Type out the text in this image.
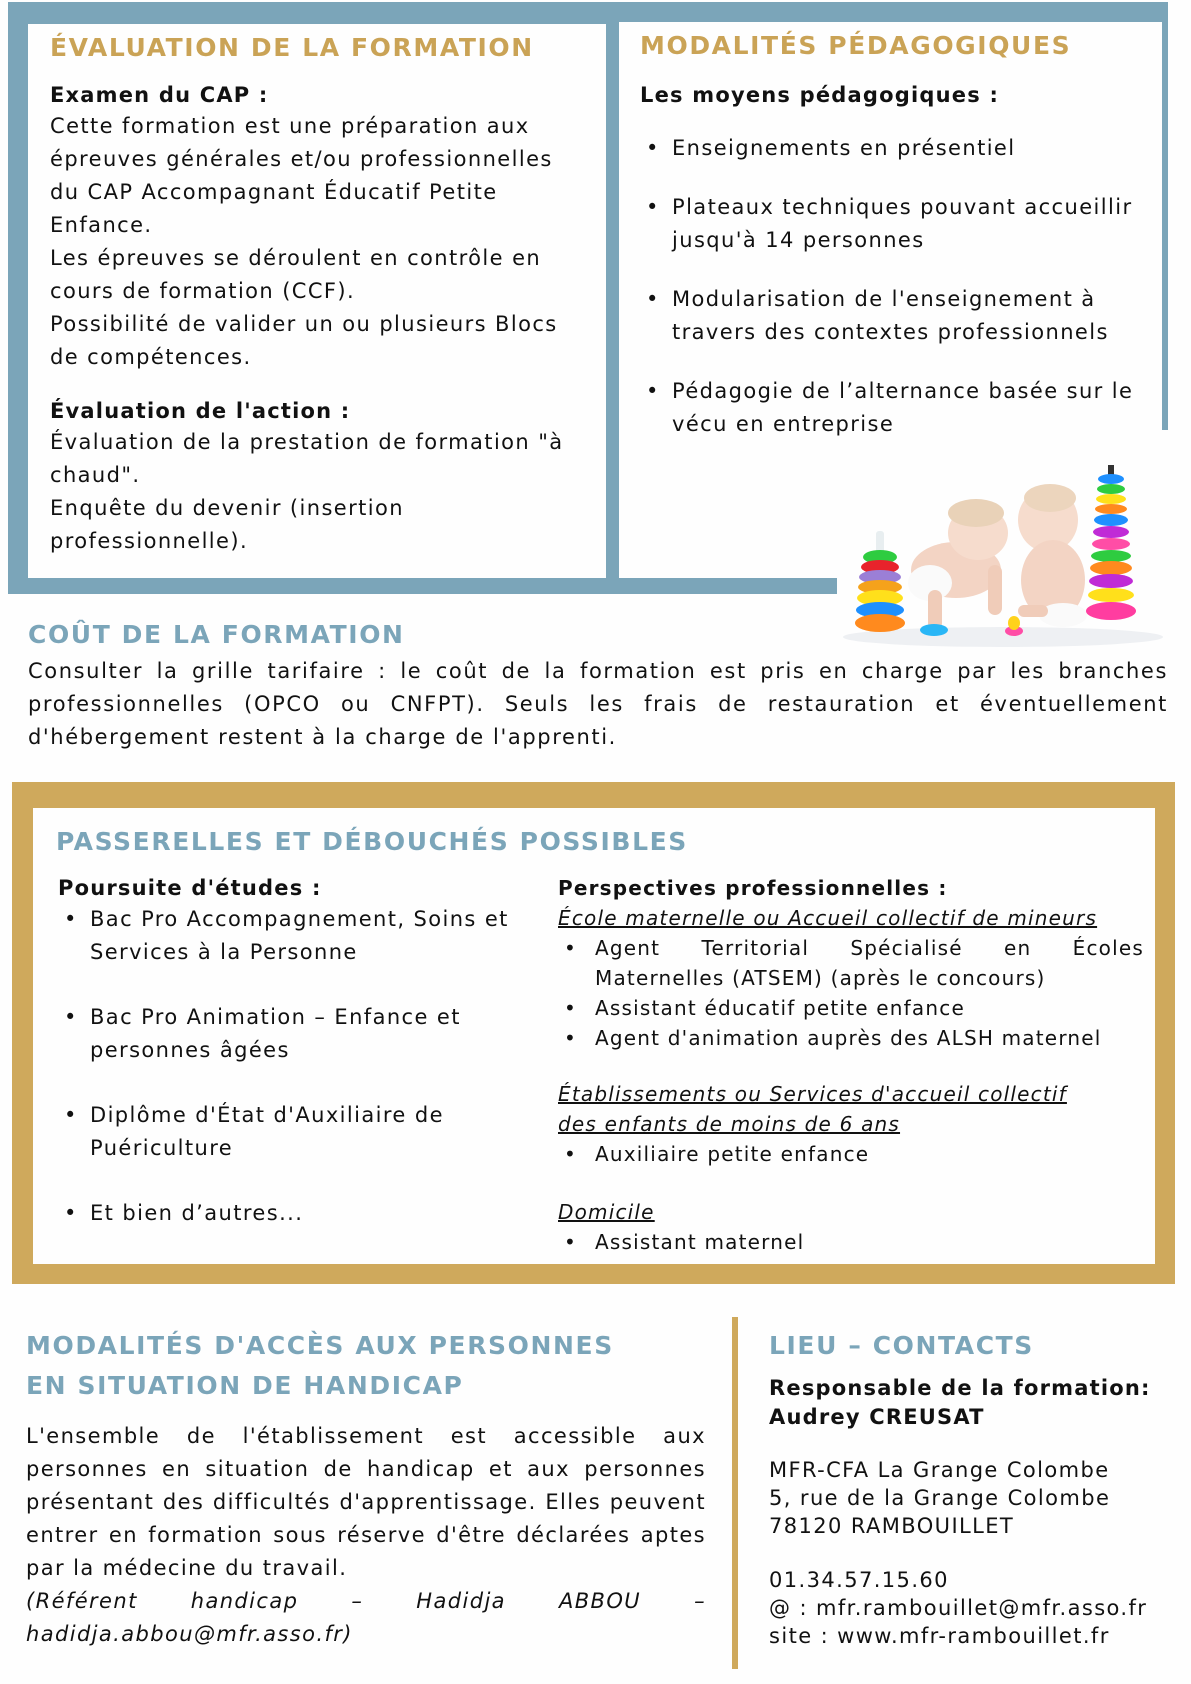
ÉVALUATION DE LA FORMATION
Examen du CAP :

Cette formation est une préparation aux épreuves générales et/ou professionnelles du CAP Accompagnant Éducatif Petite Enfance.

Les épreuves se déroulent en contrôle en cours de formation (CCF).

Possibilité de valider un ou plusieurs Blocs de compétences.

Évaluation de l'action :

Évaluation de la prestation de formation "à chaud".

Enquête du devenir (insertion professionnelle).

MODALITÉS PÉDAGOGIQUES
Les moyens pédagogiques :
• Enseignements en présentiel
• Plateaux techniques pouvant accueillir jusqu'à 14 personnes
• Modularisation de l'enseignement à travers des contextes professionnels
• Pédagogie de l’alternance basée sur le vécu en entreprise
COÛT DE LA FORMATION

Consulter la grille tarifaire : le coût de la formation est pris en charge par les branches professionnelles (OPCO ou CNFPT). Seuls les frais de restauration et éventuellement d'hébergement restent à la charge de l'apprenti.

PASSERELLES ET DÉBOUCHÉS POSSIBLES
Poursuite d'études :
• Bac Pro Accompagnement, Soins et Services à la Personne
• Bac Pro Animation – Enfance et personnes âgées
• Diplôme d'État d'Auxiliaire de Puériculture
• Et bien d’autres...
Perspectives professionnelles :
École maternelle ou Accueil collectif de mineurs
• Agent Territorial Spécialisé en Écoles Maternelles (ATSEM) (après le concours)
• Assistant éducatif petite enfance
• Agent d'animation auprès des ALSH maternel
Établissements ou Services d'accueil collectif des enfants de moins de 6 ans
• Auxiliaire petite enfance
Domicile
• Assistant maternel
MODALITÉS D'ACCÈS AUX PERSONNES EN SITUATION DE HANDICAP

L'ensemble de l'établissement est accessible aux personnes en situation de handicap et aux personnes présentant des difficultés d'apprentissage. Elles peuvent entrer en formation sous réserve d'être déclarées aptes par la médecine du travail.

(Référent handicap – Hadidja ABBOU – hadidja.abbou@mfr.asso.fr)

LIEU – CONTACTS
Responsable de la formation:
Audrey CREUSAT
MFR-CFA La Grange Colombe
5, rue de la Grange Colombe
78120 RAMBOUILLET
01.34.57.15.60
@ : mfr.rambouillet@mfr.asso.fr
site : www.mfr-rambouillet.fr
